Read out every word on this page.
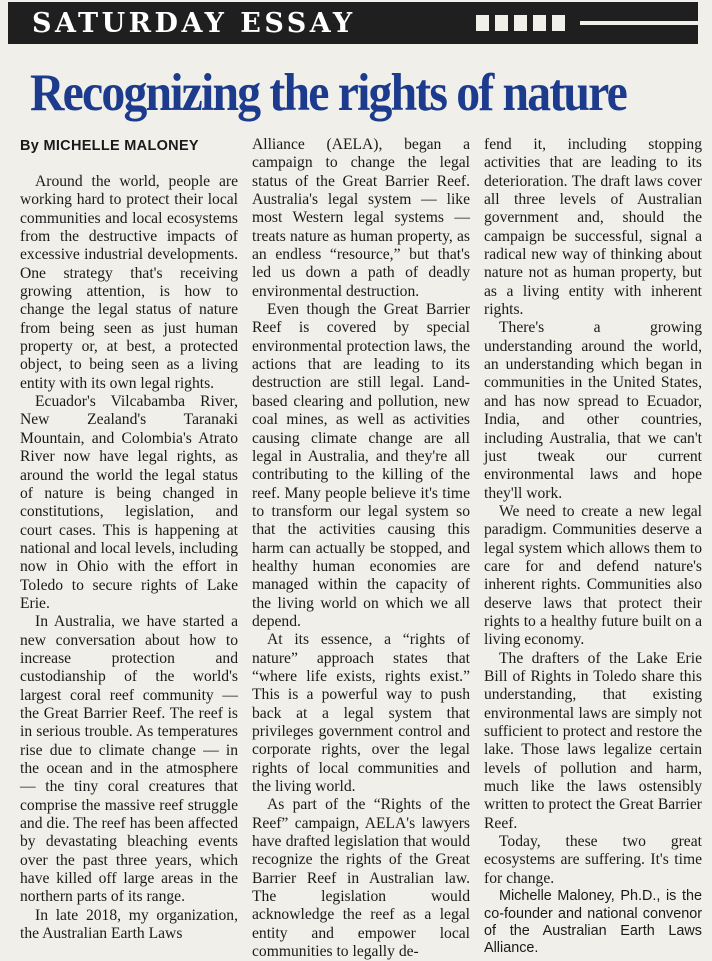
SATURDAY ESSAY
Recognizing the rights of nature
By MICHELLE MALONEY

Around the world, people are working hard to protect their local communities and local ecosystems from the destructive impacts of excessive industrial developments. One strategy that's receiving growing attention, is how to change the legal status of nature from being seen as just human property or, at best, a protected object, to being seen as a living entity with its own legal rights.

Ecuador's Vilcabamba River, New Zealand's Taranaki Mountain, and Colombia's Atrato River now have legal rights, as around the world the legal status of nature is being changed in constitutions, legislation, and court cases. This is happening at national and local levels, including now in Ohio with the effort in Toledo to secure rights of Lake Erie.

In Australia, we have started a new conversation about how to increase protection and custodianship of the world's largest coral reef community — the Great Barrier Reef. The reef is in serious trouble. As temperatures rise due to climate change — in the ocean and in the atmosphere — the tiny coral creatures that comprise the massive reef struggle and die. The reef has been affected by devastating bleaching events over the past three years, which have killed off large areas in the northern parts of its range.

In late 2018, my organization, the Australian Earth Laws

Alliance (AELA), began a campaign to change the legal status of the Great Barrier Reef. Australia's legal system — like most Western legal systems — treats nature as human property, as an endless “resource,” but that's led us down a path of deadly environmental destruction.

Even though the Great Barrier Reef is covered by special environmental protection laws, the actions that are leading to its destruction are still legal. Land-based clearing and pollution, new coal mines, as well as activities causing climate change are all legal in Australia, and they're all contributing to the killing of the reef. Many people believe it's time to transform our legal system so that the activities causing this harm can actually be stopped, and healthy human economies are managed within the capacity of the living world on which we all depend.

At its essence, a “rights of nature” approach states that “where life exists, rights exist.” This is a powerful way to push back at a legal system that privileges government control and corporate rights, over the legal rights of local communities and the living world.

As part of the “Rights of the Reef” campaign, AELA's lawyers have drafted legislation that would recognize the rights of the Great Barrier Reef in Australian law. The legislation would acknowledge the reef as a legal entity and empower local communities to legally de-

fend it, including stopping activities that are leading to its deterioration. The draft laws cover all three levels of Australian government and, should the campaign be successful, signal a radical new way of thinking about nature not as human property, but as a living entity with inherent rights.

There's a growing understanding around the world, an understanding which began in communities in the United States, and has now spread to Ecuador, India, and other countries, including Australia, that we can't just tweak our current environmental laws and hope they'll work.

We need to create a new legal paradigm. Communities deserve a legal system which allows them to care for and defend nature's inherent rights. Communities also deserve laws that protect their rights to a healthy future built on a living economy.

The drafters of the Lake Erie Bill of Rights in Toledo share this understanding, that existing environmental laws are simply not sufficient to protect and restore the lake. Those laws legalize certain levels of pollution and harm, much like the laws ostensibly written to protect the Great Barrier Reef.

Today, these two great ecosystems are suffering. It's time for change.

Michelle Maloney, Ph.D., is the co-founder and national convenor of the Australian Earth Laws Alliance.
